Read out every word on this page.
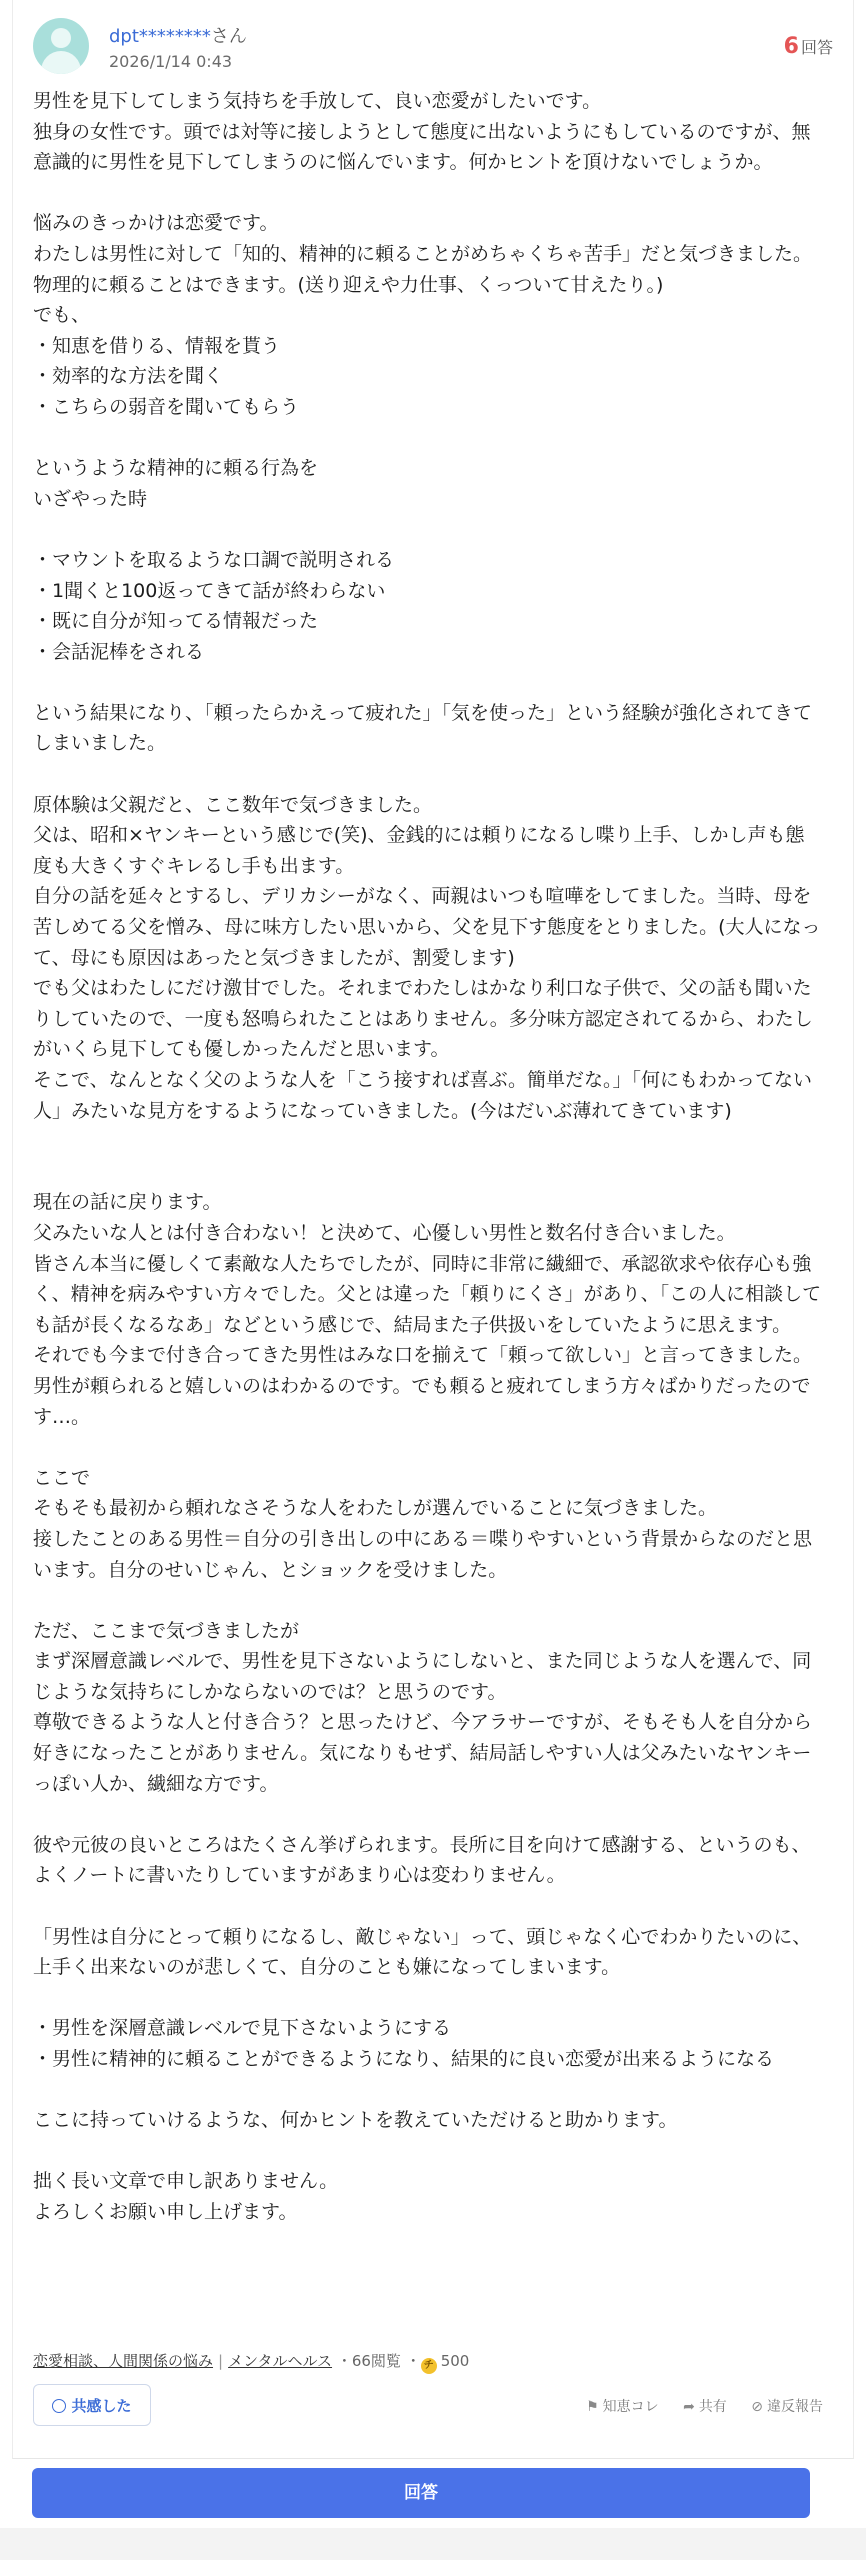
dpt********さん
2026/1/14 0:43
6 回答

男性を見下してしまう気持ちを手放して、良い恋愛がしたいです。

独身の女性です。頭では対等に接しようとして態度に出ないようにもしているのですが、無意識的に男性を見下してしまうのに悩んでいます。何かヒントを頂けないでしょうか。

悩みのきっかけは恋愛です。

わたしは男性に対して「知的、精神的に頼ることがめちゃくちゃ苦手」だと気づきました。物理的に頼ることはできます。(送り迎えや力仕事、くっついて甘えたり。)

でも、

・知恵を借りる、情報を貰う

・効率的な方法を聞く

・こちらの弱音を聞いてもらう

というような精神的に頼る行為を

いざやった時

・マウントを取るような口調で説明される

・1聞くと100返ってきて話が終わらない

・既に自分が知ってる情報だった

・会話泥棒をされる

という結果になり、「頼ったらかえって疲れた」「気を使った」という経験が強化されてきてしまいました。

原体験は父親だと、ここ数年で気づきました。

父は、昭和×ヤンキーという感じで(笑)、金銭的には頼りになるし喋り上手、しかし声も態度も大きくすぐキレるし手も出ます。

自分の話を延々とするし、デリカシーがなく、両親はいつも喧嘩をしてました。当時、母を苦しめてる父を憎み、母に味方したい思いから、父を見下す態度をとりました。(大人になって、母にも原因はあったと気づきましたが、割愛します)

でも父はわたしにだけ激甘でした。それまでわたしはかなり利口な子供で、父の話も聞いたりしていたので、一度も怒鳴られたことはありません。多分味方認定されてるから、わたしがいくら見下しても優しかったんだと思います。

そこで、なんとなく父のような人を「こう接すれば喜ぶ。簡単だな。」「何にもわかってない人」みたいな見方をするようになっていきました。(今はだいぶ薄れてきています)

現在の話に戻ります。

父みたいな人とは付き合わない！と決めて、心優しい男性と数名付き合いました。

皆さん本当に優しくて素敵な人たちでしたが、同時に非常に繊細で、承認欲求や依存心も強く、精神を病みやすい方々でした。父とは違った「頼りにくさ」があり、「この人に相談しても話が長くなるなあ」などという感じで、結局また子供扱いをしていたように思えます。

それでも今まで付き合ってきた男性はみな口を揃えて「頼って欲しい」と言ってきました。男性が頼られると嬉しいのはわかるのです。でも頼ると疲れてしまう方々ばかりだったのです…。

ここで

そもそも最初から頼れなさそうな人をわたしが選んでいることに気づきました。

接したことのある男性＝自分の引き出しの中にある＝喋りやすいという背景からなのだと思います。自分のせいじゃん、とショックを受けました。

ただ、ここまで気づきましたが

まず深層意識レベルで、男性を見下さないようにしないと、また同じような人を選んで、同じような気持ちにしかならないのでは？と思うのです。

尊敬できるような人と付き合う？と思ったけど、今アラサーですが、そもそも人を自分から好きになったことがありません。気になりもせず、結局話しやすい人は父みたいなヤンキーっぽい人か、繊細な方です。

彼や元彼の良いところはたくさん挙げられます。長所に目を向けて感謝する、というのも、よくノートに書いたりしていますがあまり心は変わりません。

「男性は自分にとって頼りになるし、敵じゃない」って、頭じゃなく心でわかりたいのに、上手く出来ないのが悲しくて、自分のことも嫌になってしまいます。

・男性を深層意識レベルで見下さないようにする

・男性に精神的に頼ることができるようになり、結果的に良い恋愛が出来るようになる

ここに持っていけるような、何かヒントを教えていただけると助かります。

拙く長い文章で申し訳ありません。

よろしくお願い申し上げます。

恋愛相談、人間関係の悩み | メンタルヘルス ・66閲覧 ・ チ 500
共感した	⚑ 知恵コレ ➦ 共有 ⊘ 違反報告
回答
